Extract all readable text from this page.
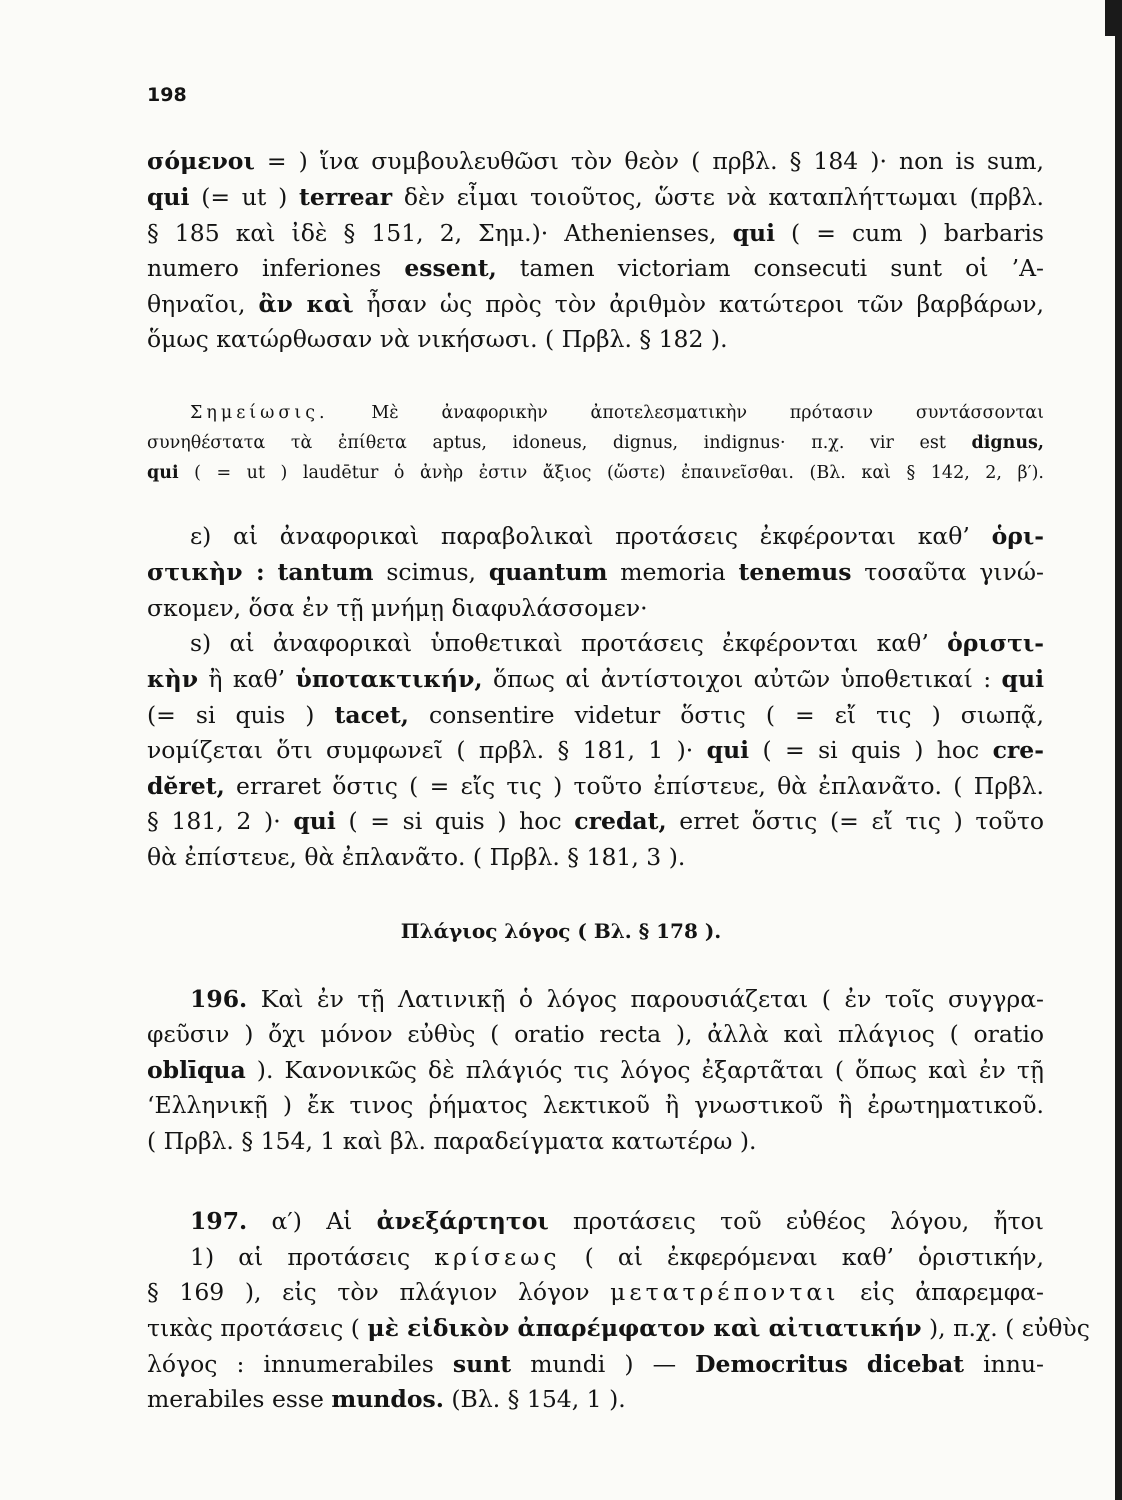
198
σόμενοι = ) ἵνα συμβουλευθῶσι τὸν θεὸν ( πρβλ. § 184 )· non is sum,
qui (= ut ) terrear δὲν εἶμαι τοιοῦτος, ὥστε νὰ καταπλήττωμαι (πρβλ.
§ 185 καὶ ἰδὲ § 151, 2, Σημ.)· Athenienses, qui ( = cum ) barbaris
numero inferiones essent, tamen victoriam consecuti sunt οἱ ’Α-
θηναῖοι, ἂν καὶ ἦσαν ὡς πρὸς τὸν ἀριθμὸν κατώτεροι τῶν βαρβάρων,
ὅμως κατώρθωσαν νὰ νικήσωσι. ( Πρβλ. § 182 ).
Σημείωσις. Μὲ ἀναφορικὴν ἀποτελεσματικὴν πρότασιν συντάσσονται
συνηθέστατα τὰ ἐπίθετα aptus, idoneus, dignus, indignus· π.χ. vir est dignus,
qui ( = ut ) laudētur ὁ ἀνὴρ ἐστιν ἄξιος (ὥστε) ἐπαινεῖσθαι. (Βλ. καὶ § 142, 2, β′).
ε) αἱ ἀναφορικαὶ παραβολικαὶ προτάσεις ἐκφέρονται καθ’ ὁρι-
στικὴν : tantum scimus, quantum memoria tenemus τοσαῦτα γινώ-
σκομεν, ὅσα ἐν τῇ μνήμῃ διαφυλάσσομεν·
s) αἱ ἀναφορικαὶ ὑποθετικαὶ προτάσεις ἐκφέρονται καθ’ ὁριστι-
κὴν ἢ καθ’ ὑποτακτικήν, ὅπως αἱ ἀντίστοιχοι αὐτῶν ὑποθετικαί : qui
(= si quis ) tacet, consentire videtur ὅστις ( = εἴ τις ) σιωπᾷ,
νομίζεται ὅτι συμφωνεῖ ( πρβλ. § 181, 1 )· qui ( = si quis ) hoc cre-
dĕret, erraret ὅστις ( = εἴς τις ) τοῦτο ἐπίστευε, θὰ ἐπλανᾶτο. ( Πρβλ.
§ 181, 2 )· qui ( = si quis ) hoc credat, erret ὅστις (= εἴ τις ) τοῦτο
θὰ ἐπίστευε, θὰ ἐπλανᾶτο. ( Πρβλ. § 181, 3 ).
Πλάγιος λόγος ( Βλ. § 178 ).
196. Καὶ ἐν τῇ Λατινικῇ ὁ λόγος παρουσιάζεται ( ἐν τοῖς συγγρα-
φεῦσιν ) ὄχι μόνον εὐθὺς ( oratio recta ), ἀλλὰ καὶ πλάγιος ( oratio
oblīqua ). Κανονικῶς δὲ πλάγιός τις λόγος ἐξαρτᾶται ( ὅπως καὶ ἐν τῇ
‘Ελληνικῇ ) ἔκ τινος ῥήματος λεκτικοῦ ἢ γνωστικοῦ ἢ ἐρωτηματικοῦ.
( Πρβλ. § 154, 1 καὶ βλ. παραδείγματα κατωτέρω ).
197. α′) Αἱ ἀνεξάρτητοι προτάσεις τοῦ εὐθέος λόγου, ἤτοι
1) αἱ προτάσεις κρίσεως ( αἱ ἐκφερόμεναι καθ’ ὁριστικήν,
§ 169 ), εἰς τὸν πλάγιον λόγον μετατρέπονται εἰς ἀπαρεμφα-
τικὰς προτάσεις ( μὲ εἰδικὸν ἀπαρέμφατον καὶ αἰτιατικήν ), π.χ. ( εὐθὺς
λόγος : innumerabiles sunt mundi ) — Democritus dicebat innu-
merabiles esse mundos. (Βλ. § 154, 1 ).
